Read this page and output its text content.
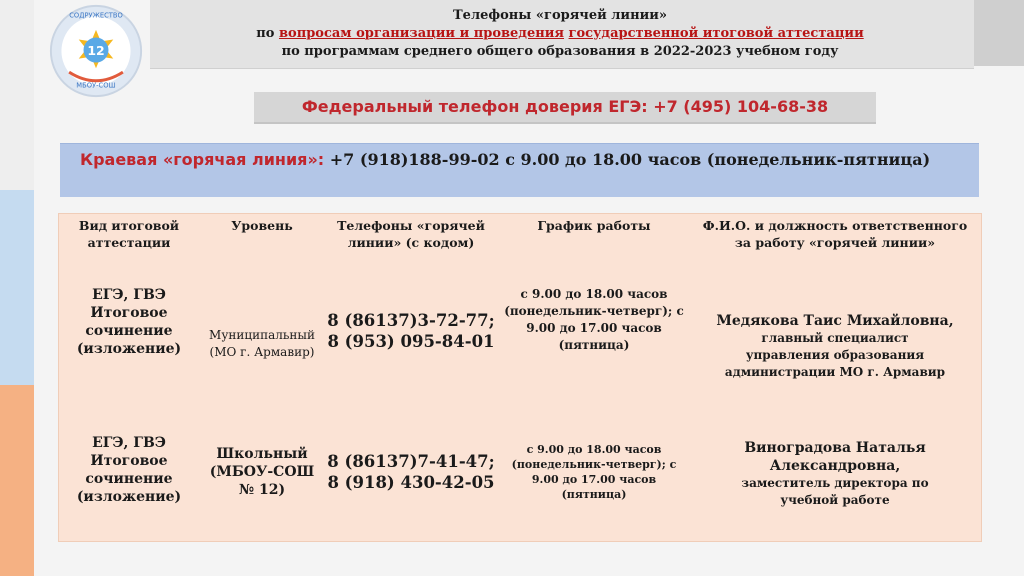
12
СОДРУЖЕСТВО
МБОУ-СОШ
Телефоны «горячей линии»
по вопросам организации и проведения государственной итоговой аттестации
по программам среднего общего образования в 2022-2023 учебном году
Федеральный телефон доверия ЕГЭ: +7 (495) 104-68-38
Краевая «горячая линия»: +7 (918)188-99-02 с 9.00 до 18.00 часов (понедельник-пятница)
Вид итоговой аттестации
Уровень	Телефоны «горячей линии» (с кодом)
График работы	Ф.И.О. и должность ответственного за работу «горячей линии»
ЕГЭ, ГВЭ Итоговое сочинение (изложение)
Муниципальный (МО г. Армавир)
8 (86137)3-72-77;
8 (953) 095-84-01
с 9.00 до 18.00 часов (понедельник-четверг); с 9.00 до 17.00 часов (пятница)
Медякова Таис Михайловна,
главный специалист управления образования администрации МО г. Армавир
ЕГЭ, ГВЭ Итоговое сочинение (изложение)
Школьный (МБОУ-СОШ № 12)
8 (86137)7-41-47;
8 (918) 430-42-05
с 9.00 до 18.00 часов (понедельник-четверг); с 9.00 до 17.00 часов (пятница)
Виноградова Наталья Александровна,
заместитель директора по учебной работе
